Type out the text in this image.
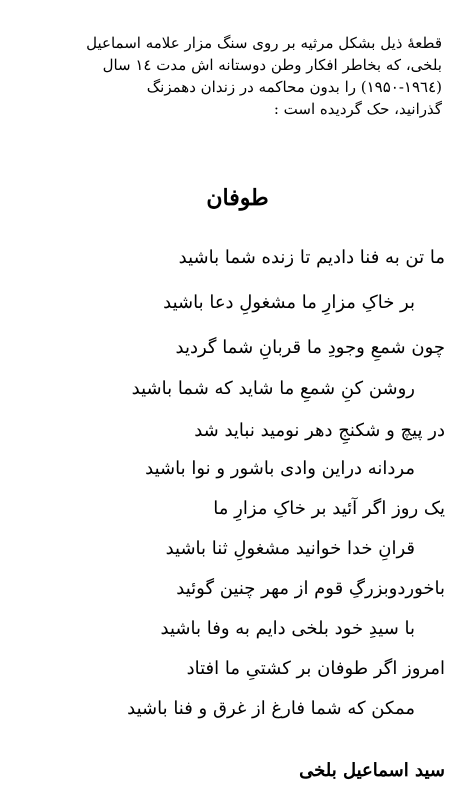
قطعهٔ ذیل بشکل مرثیه بر روی سنگ مزار علامه اسماعیل
بلخی، که بخاطر افکار وطن دوستانه اش مدت ۱٤ سال
(۱۹۵۰-۱۹٦٤) را بدون محاکمه در زندان دهمزنگ
گذرانید، حک گردیده است :
طوفان
ما تن به فنا دادیم تا زنده شما باشید
بر خاکِ مزارِ ما مشغولِ دعا باشید
چون شمعِ وجودِ ما قربانِ شما گردید
روشن کنِ شمعِ ما شاید که شما باشید
در پیچ و شکنجِ دهر نومید نباید شد
مردانه دراین وادی باشور و نوا باشید
یک روز اگر آئید بر خاکِ مزارِ ما
قرانِ خدا خوانید مشغولِ ثنا باشید
باخوردوبزرگِ قوم از مهر چنین گوئید
با سیدِ خود بلخی دایم به وفا باشید
امروز اگر طوفان بر کشتیِ ما افتاد
ممکن که شما فارغ از غرق و فنا باشید
سید اسماعیل بلخی
